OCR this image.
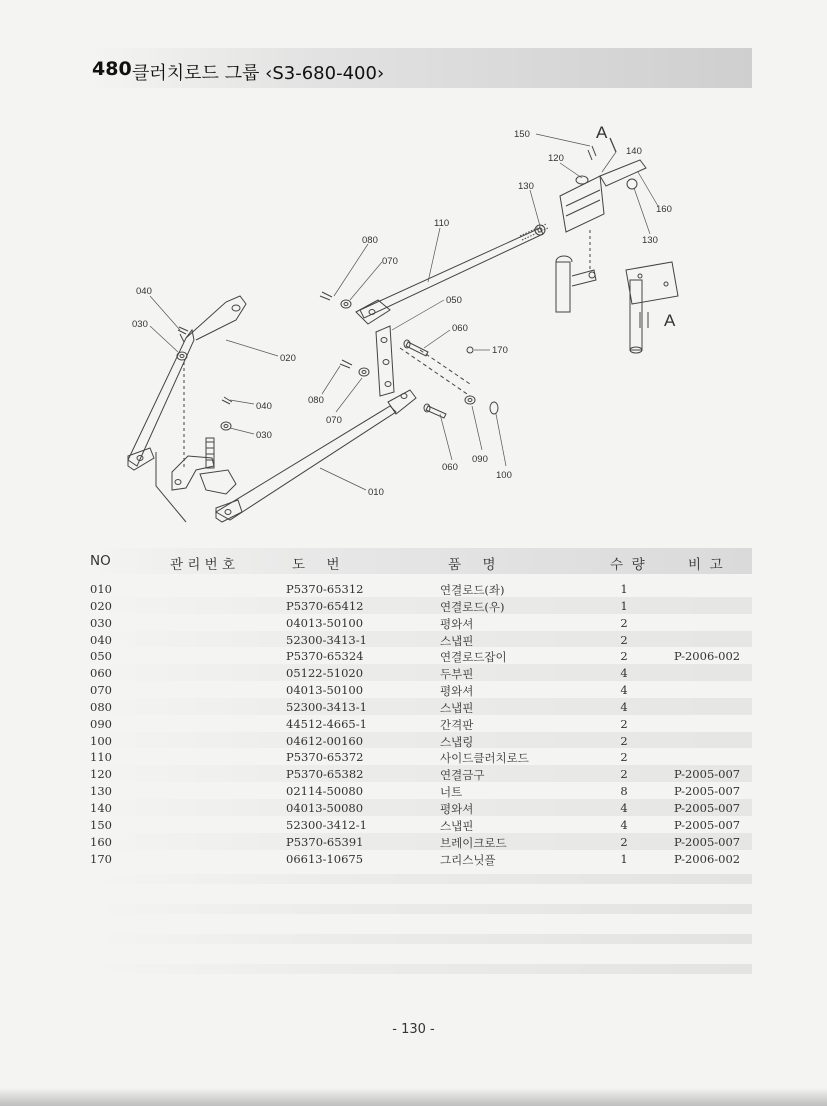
480 클러치로드 그룹 ‹S3-680-400›
150
120
140
130
160
130
110
080
070
050
060
170
040
030
020
080
070
040
030
060
090
100
010
A
A
NO	관 리 번 호	도     번	품     명	수  량	비  고
010	P5370-65312	연결로드(좌)	1
020	P5370-65412	연결로드(우)	1
030	04013-50100	평와셔	2
040	52300-3413-1	스냅핀	2
050	P5370-65324	연결로드잡이	2	P-2006-002
060	05122-51020	두부핀	4
070	04013-50100	평와셔	4
080	52300-3413-1	스냅핀	4
090	44512-4665-1	간격판	2
100	04612-00160	스냅링	2
110	P5370-65372	사이드클러치로드	2
120	P5370-65382	연결금구	2	P-2005-007
130	02114-50080	너트	8	P-2005-007
140	04013-50080	평와셔	4	P-2005-007
150	52300-3412-1	스냅핀	4	P-2005-007
160	P5370-65391	브레이크로드	2	P-2005-007
170	06613-10675	그리스닛플	1	P-2006-002
- 130 -
